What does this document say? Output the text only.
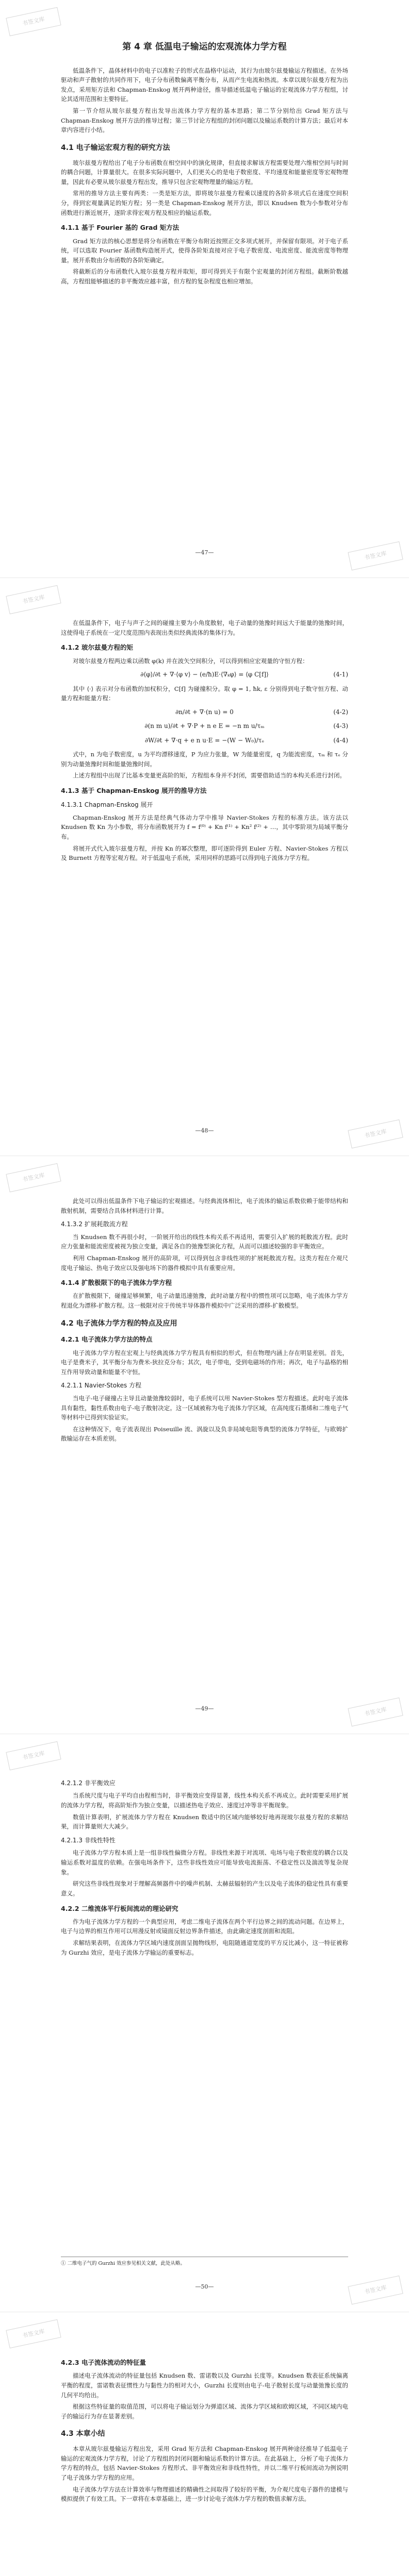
书签文库
书签文库
第 4 章 低温电子输运的宏观流体力学方程
低温条件下，晶体材料中的电子以准粒子的形式在晶格中运动，其行为由玻尔兹曼输运方程描述。在外场驱动和声子散射的共同作用下，电子分布函数偏离平衡分布，从而产生电流和热流。本章以玻尔兹曼方程为出发点，采用矩方法和 Chapman-Enskog 展开两种途径，推导描述低温电子输运的宏观流体力学方程组，讨论其适用范围和主要特征。
第一节介绍从玻尔兹曼方程出发导出流体力学方程的基本思路；第二节分别给出 Grad 矩方法与 Chapman-Enskog 展开方法的推导过程；第三节讨论方程组的封闭问题以及输运系数的计算方法；最后对本章内容进行小结。
4.1 电子输运宏观方程的研究方法
玻尔兹曼方程给出了电子分布函数在相空间中的演化规律，但直接求解该方程需要处理六维相空间与时间的耦合问题，计算量很大。在很多实际问题中，人们更关心的是电子数密度、平均速度和能量密度等宏观物理量，因此有必要从玻尔兹曼方程出发，推导只包含宏观物理量的输运方程。
常用的推导方法主要有两类：一类是矩方法，即将玻尔兹曼方程乘以速度的各阶多项式后在速度空间积分，得到宏观量满足的矩方程；另一类是 Chapman-Enskog 展开方法，即以 Knudsen 数为小参数对分布函数进行渐近展开，逐阶求得宏观方程及相应的输运系数。
4.1.1 基于 Fourier 基的 Grad 矩方法
Grad 矩方法的核心思想是将分布函数在平衡分布附近按照正交多项式展开，并保留有限项。对于电子系统，可以选取 Fourier 基函数构造展开式，使得各阶矩直接对应于电子数密度、电流密度、能流密度等物理量。展开系数由分布函数的各阶矩确定。
将截断后的分布函数代入玻尔兹曼方程并取矩，即可得到关于有限个宏观量的封闭方程组。截断阶数越高，方程组能够描述的非平衡效应越丰富，但方程的复杂程度也相应增加。
—47—
书签文库
书签文库
在低温条件下，电子与声子之间的碰撞主要为小角度散射，电子动量的弛豫时间远大于能量的弛豫时间，这使得电子系统在一定尺度范围内表现出类似经典流体的集体行为。
4.1.2 玻尔兹曼方程的矩
对玻尔兹曼方程两边乘以函数 φ(k) 并在波矢空间积分，可以得到相应宏观量的守恒方程：
∂⟨φ⟩/∂t + ∇·⟨φ v⟩ − (e/ħ)E·⟨∇ₖφ⟩ = ⟨φ C[f]⟩	(4-1)
其中 ⟨·⟩ 表示对分布函数的加权积分，C[f] 为碰撞积分。取 φ = 1, ħk, ε 分别得到电子数守恒方程、动量方程和能量方程：
∂n/∂t + ∇·(n u) = 0	(4-2)
∂(n m u)/∂t + ∇·P + n e E = −n m u/τₘ	(4-3)
∂W/∂t + ∇·q + e n u·E = −(W − W₀)/τₑ	(4-4)
式中，n 为电子数密度，u 为平均漂移速度，P 为应力张量，W 为能量密度，q 为能流密度，τₘ 和 τₑ 分别为动量弛豫时间和能量弛豫时间。
上述方程组中出现了比基本变量更高阶的矩，方程组本身并不封闭，需要借助适当的本构关系进行封闭。
4.1.3 基于 Chapman-Enskog 展开的推导方法
4.1.3.1 Chapman-Enskog 展开
Chapman-Enskog 展开方法是经典气体动力学中推导 Navier-Stokes 方程的标准方法。该方法以 Knudsen 数 Kn 为小参数，将分布函数展开为 f = f⁽⁰⁾ + Kn f⁽¹⁾ + Kn² f⁽²⁾ + …，其中零阶项为局域平衡分布。
将展开式代入玻尔兹曼方程，并按 Kn 的幂次整理，即可逐阶得到 Euler 方程、Navier-Stokes 方程以及 Burnett 方程等宏观方程。对于低温电子系统，采用同样的思路可以得到电子流体力学方程。
—48—
书签文库
书签文库
此处可以得出低温条件下电子输运的宏观描述。与经典流体相比，电子流体的输运系数依赖于能带结构和散射机制，需要结合具体材料进行计算。
4.1.3.2 扩展耗散流方程
当 Knudsen 数不再很小时，一阶展开给出的线性本构关系不再适用，需要引入扩展的耗散流方程。此时应力张量和能流密度被视为独立变量，满足各自的弛豫型演化方程，从而可以描述较强的非平衡效应。
利用 Chapman-Enskog 展开的高阶项，可以得到包含非线性项的扩展耗散流方程。这类方程在介观尺度电子输运、热电子效应以及强电场下的器件模拟中具有重要应用。
4.1.4 扩散极限下的电子流体力学方程
在扩散极限下，碰撞足够频繁，电子动量迅速弛豫，此时动量方程中的惯性项可以忽略，电子流体力学方程退化为漂移-扩散方程。这一极限对应于传统半导体器件模拟中广泛采用的漂移-扩散模型。
4.2 电子流体力学方程的特点及应用
4.2.1 电子流体力学方法的特点
电子流体力学方程在宏观上与经典流体力学方程具有相似的形式，但在物理内涵上存在明显差别。首先，电子是费米子，其平衡分布为费米-狄拉克分布；其次，电子带电，受到电磁场的作用；再次，电子与晶格的相互作用导致动量和能量不守恒。
4.2.1.1 Navier-Stokes 方程
当电子-电子碰撞占主导且动量弛豫较弱时，电子系统可以用 Navier-Stokes 型方程描述。此时电子流体具有黏性，黏性系数由电子-电子散射决定。这一区域被称为电子流体力学区域，在高纯度石墨烯和二维电子气等材料中已得到实验证实。
在这种情况下，电子流表现出 Poiseuille 流、涡旋以及负非局域电阻等典型的流体力学特征，与欧姆扩散输运存在本质差别。
—49—
书签文库
书签文库
4.2.1.2 非平衡效应
当系统尺度与电子平均自由程相当时，非平衡效应变得显著，线性本构关系不再成立。此时需要采用扩展的流体力学方程，将高阶矩作为独立变量，以描述热电子效应、速度过冲等非平衡现象。
数值计算表明，扩展流体力学方程在 Knudsen 数适中的区域内能够较好地再现玻尔兹曼方程的求解结果，而计算量则大大减少。
4.2.1.3 非线性特性
电子流体力学方程本质上是一组非线性偏微分方程。非线性来源于对流项、电场与电子数密度的耦合以及输运系数对温度的依赖。在强电场条件下，这些非线性效应可能导致电流振荡、不稳定性以及湍流等复杂现象。
研究这些非线性现象对于理解高频器件中的噪声机制、太赫兹辐射的产生以及电子流体的稳定性具有重要意义。
4.2.2 二维流体平行板间流动的理论研究
作为电子流体力学方程的一个典型应用，考虑二维电子流体在两个平行边界之间的流动问题。在边界上，电子与边界的相互作用可以用漫反射或镜面反射边界条件描述，由此确定速度剖面和流阻。
求解结果表明，在流体力学区域内速度剖面呈抛物线形，电阻随通道宽度的平方反比减小，这一特征被称为 Gurzhi 效应，是电子流体力学输运的重要标志。
① 二维电子气的 Gurzhi 效应参见相关文献，此处从略。
—50—
书签文库
4.2.3 电子流体流动的特征量
描述电子流体流动的特征量包括 Knudsen 数、雷诺数以及 Gurzhi 长度等。Knudsen 数表征系统偏离平衡的程度，雷诺数表征惯性力与黏性力的相对大小，Gurzhi 长度则由电子-电子散射长度与动量弛豫长度的几何平均给出。
根据这些特征量的取值范围，可以将电子输运划分为弹道区域、流体力学区域和欧姆区域，不同区域内电子的输运行为存在显著差别。
4.3 本章小结
本章从玻尔兹曼输运方程出发，采用 Grad 矩方法和 Chapman-Enskog 展开两种途径推导了低温电子输运的宏观流体力学方程，讨论了方程组的封闭问题和输运系数的计算方法。在此基础上，分析了电子流体力学方程的特点，包括 Navier-Stokes 方程形式、非平衡效应和非线性特性，并以二维平行板间流动为例说明了电子流体力学方程的应用。
电子流体力学方法在计算效率与物理描述的精确性之间取得了较好的平衡，为介观尺度电子器件的建模与模拟提供了有效工具。下一章将在本章基础上，进一步讨论电子流体力学方程的数值求解方法。
